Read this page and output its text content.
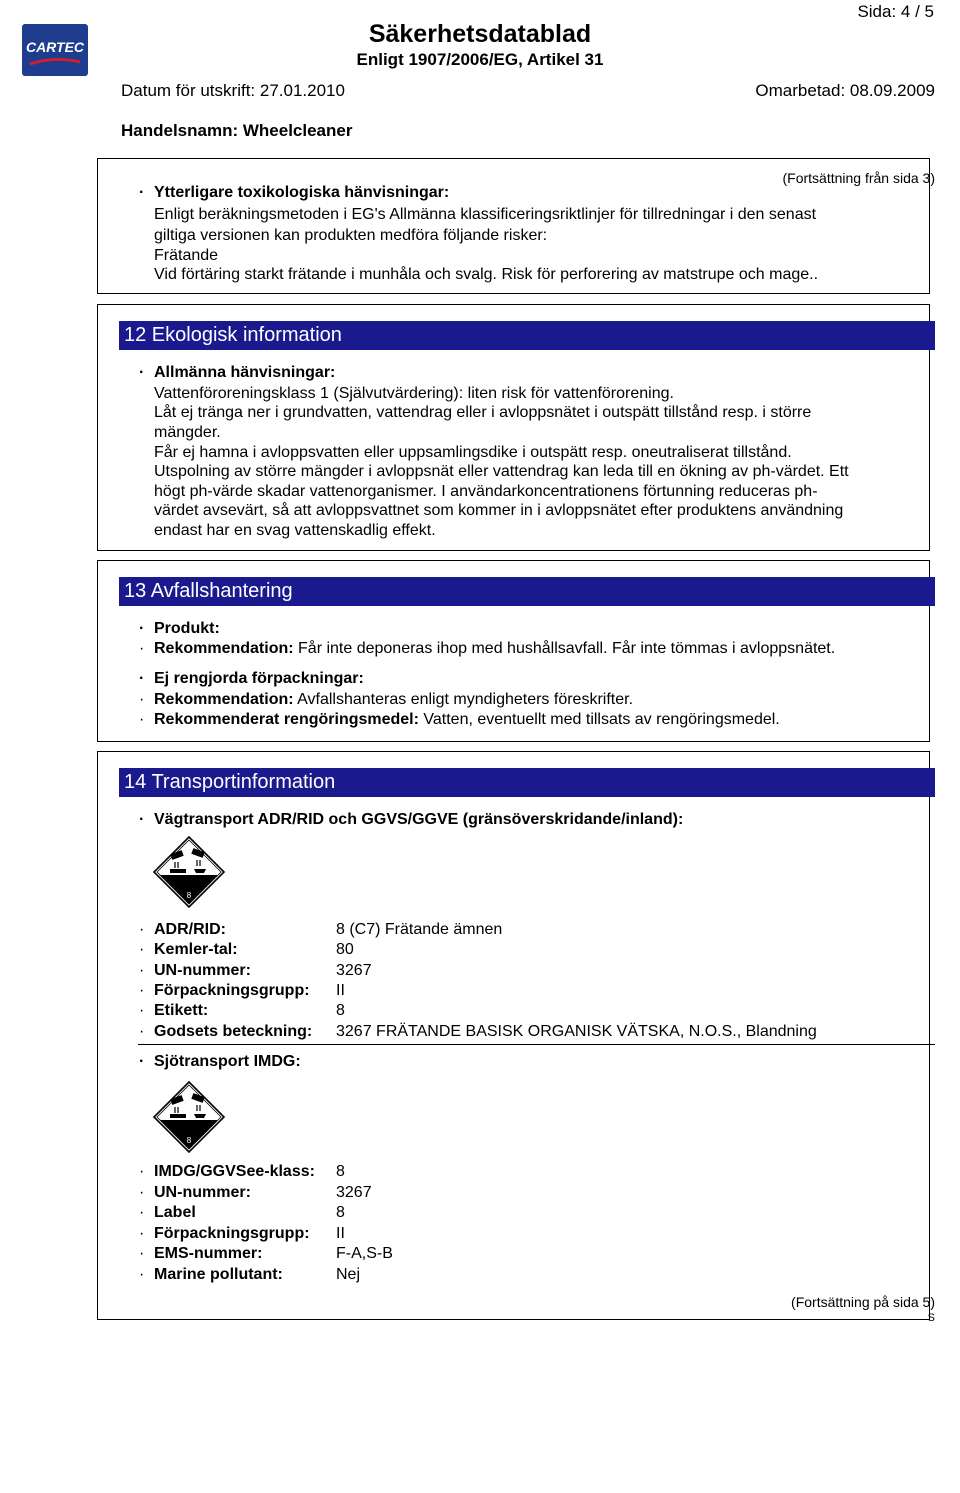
CARTEC
Sida: 4 / 5
Säkerhetsdatablad
Enligt 1907/2006/EG, Artikel 31
Datum för utskrift: 27.01.2010	Omarbetad: 08.09.2009
Handelsnamn: Wheelcleaner
(Fortsättning från sida 3)
· Ytterligare toxikologiska hänvisningar:
Enligt beräkningsmetoden i EG's Allmänna klassificeringsriktlinjer för tillredningar i den senast
giltiga versionen kan produkten medföra följande risker:
Frätande
Vid förtäring starkt frätande i munhåla och svalg. Risk för perforering av matstrupe och mage..
12 Ekologisk information
· Allmänna hänvisningar:
Vattenföroreningsklass 1 (Självutvärdering): liten risk för vattenförorening.
Låt ej tränga ner i grundvatten, vattendrag eller i avloppsnätet i outspätt tillstånd resp. i större
mängder.
Får ej hamna i avloppsvatten eller uppsamlingsdike i outspätt resp. oneutraliserat tillstånd.
Utspolning av större mängder i avloppsnät eller vattendrag kan leda till en ökning av ph-värdet. Ett
högt ph-värde skadar vattenorganismer. I användarkoncentrationens förtunning reduceras ph-
värdet avsevärt, så att avloppsvattnet som kommer in i avloppsnätet efter produktens användning
endast har en svag vattenskadlig effekt.
13 Avfallshantering
· Produkt:
· Rekommendation: Får inte deponeras ihop med hushållsavfall. Får inte tömmas i avloppsnätet.
· Ej rengjorda förpackningar:
· Rekommendation: Avfallshanteras enligt myndigheters föreskrifter.
· Rekommenderat rengöringsmedel: Vatten, eventuellt med tillsats av rengöringsmedel.
14 Transportinformation
· Vägtransport ADR/RID och GGVS/GGVE (gränsöverskridande/inland):
8
· ADR/RID:	8 (C7) Frätande ämnen
· Kemler-tal:	80
· UN-nummer:	3267
· Förpackningsgrupp: II
· Etikett:	8
· Godsets beteckning: 3267 FRÄTANDE BASISK ORGANISK VÄTSKA, N.O.S., Blandning
· Sjötransport IMDG:
8
· IMDG/GGVSee-klass: 8
· UN-nummer:	3267
· Label	8
· Förpackningsgrupp: II
· EMS-nummer:	F-A,S-B
· Marine pollutant:	Nej
(Fortsättning på sida 5)
S
